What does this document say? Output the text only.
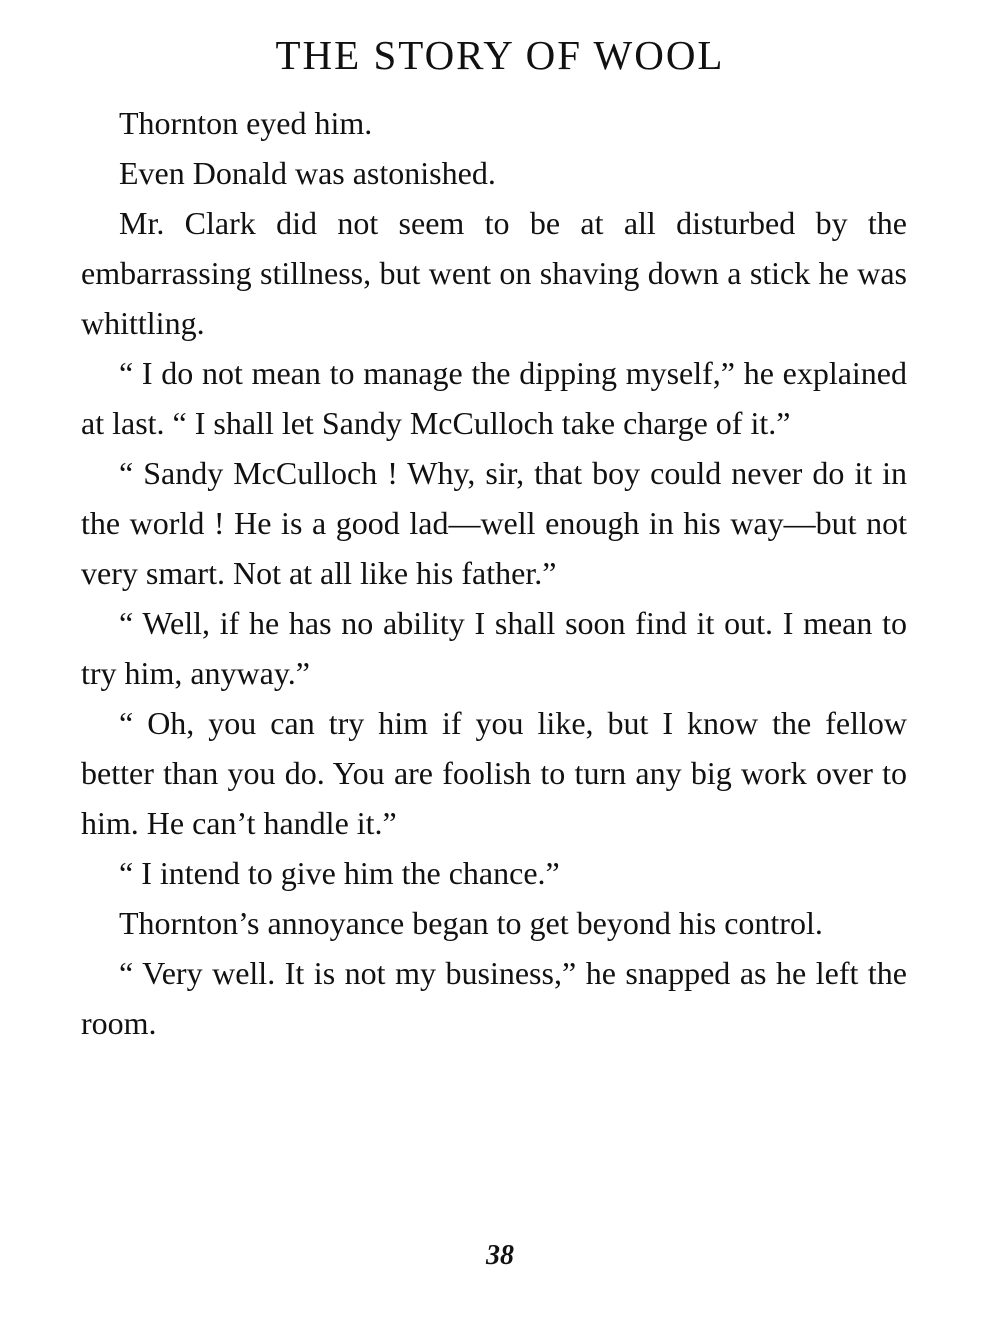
THE STORY OF WOOL

Thornton eyed him.

Even Donald was astonished.

Mr. Clark did not seem to be at all disturbed by the embarrassing stillness, but went on shaving down a stick he was whittling.

“ I do not mean to manage the dipping myself,” he explained at last. “ I shall let Sandy McCulloch take charge of it.”

“ Sandy McCulloch ! Why, sir, that boy could never do it in the world ! He is a good lad—well enough in his way—but not very smart. Not at all like his father.”

“ Well, if he has no ability I shall soon find it out. I mean to try him, anyway.”

“ Oh, you can try him if you like, but I know the fellow better than you do. You are foolish to turn any big work over to him. He can’t handle it.”

“ I intend to give him the chance.”

Thornton’s annoyance began to get beyond his control.

“ Very well. It is not my business,” he snapped as he left the room.

38
